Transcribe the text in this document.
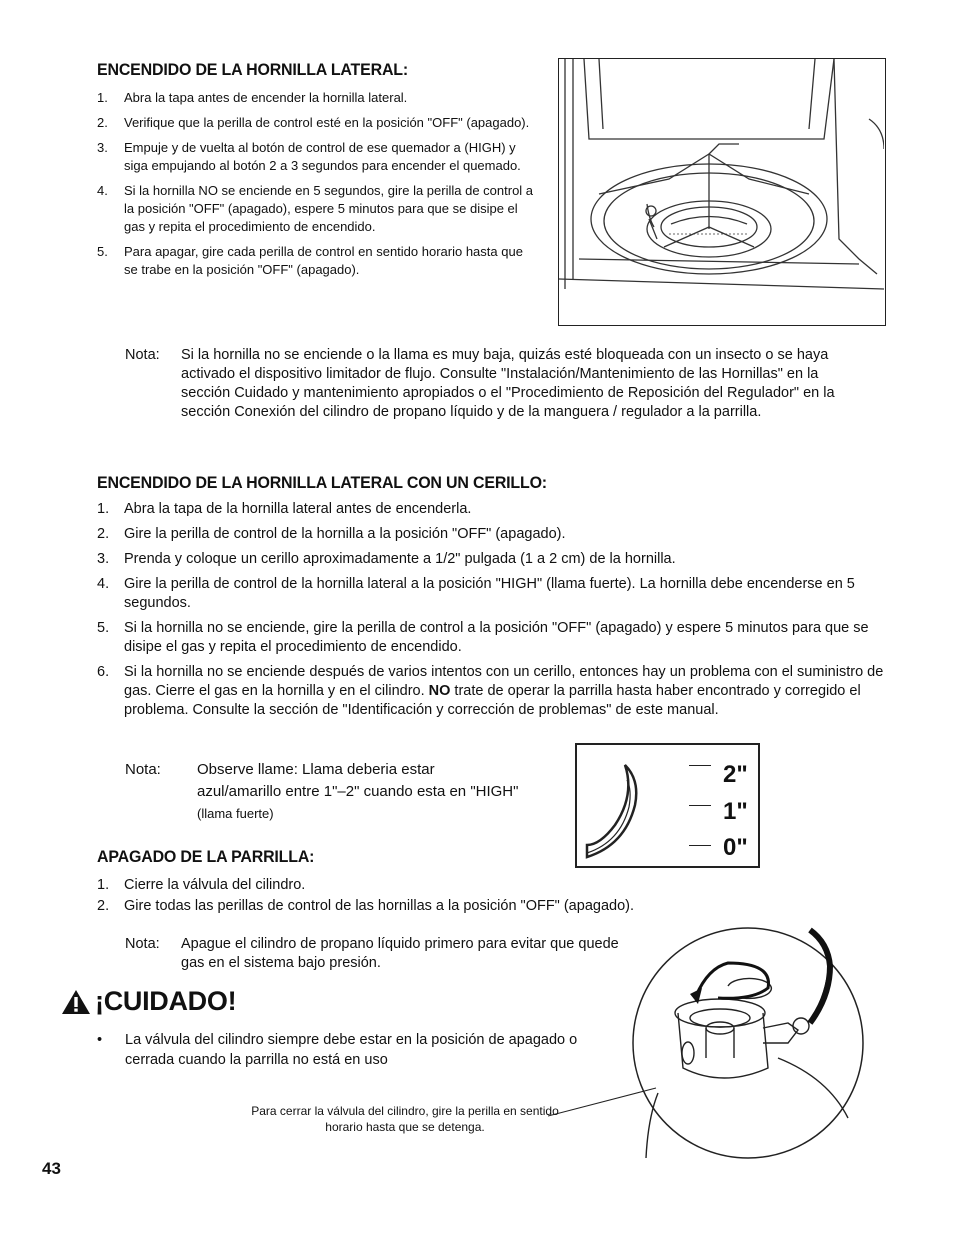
ENCENDIDO DE LA HORNILLA LATERAL:
1. Abra la tapa antes de encender la hornilla lateral.
2. Verifique que la perilla de control esté en la posición "OFF" (apagado).
3. Empuje y de vuelta al botón de control de ese quemador a (HIGH) y siga empujando al botón 2 a 3 segundos para encender el quemado.
4. Si la hornilla NO se enciende en 5 segundos, gire la perilla de control a la posición "OFF" (apagado), espere 5 minutos para que se disipe el gas y repita el procedimiento de encendido.
5. Para apagar, gire cada perilla de control en sentido horario hasta que se trabe en la posición "OFF" (apagado).
Nota: Si la hornilla no se enciende o la llama es muy baja, quizás esté bloqueada con un insecto o se haya activado el dispositivo limitador de flujo. Consulte "Instalación/Mantenimiento de las Hornillas" en la sección Cuidado y mantenimiento apropiados o el "Procedimiento de Reposición del Regulador" en la sección Conexión del cilindro de propano líquido y de la manguera / regulador a la parrilla.
ENCENDIDO DE LA HORNILLA LATERAL CON UN CERILLO:
1. Abra la tapa de la hornilla lateral antes de encenderla.
2. Gire la perilla de control de la hornilla a la posición "OFF" (apagado).
3. Prenda y coloque un cerillo aproximadamente a 1/2" pulgada (1 a 2 cm) de la hornilla.
4. Gire la perilla de control de la hornilla lateral a la posición "HIGH" (llama fuerte). La hornilla debe encenderse en 5 segundos.
5. Si la hornilla no se enciende, gire la perilla de control a la posición "OFF" (apagado) y espere 5 minutos para que se disipe el gas y repita el procedimiento de encendido.
6. Si la hornilla no se enciende después de varios intentos con un cerillo, entonces hay un problema con el suministro de gas. Cierre el gas en la hornilla y en el cilindro. NO trate de operar la parrilla hasta haber encontrado y corregido el problema. Consulte la sección de "Identificación y corrección de problemas" de este manual.
Nota: Observe llame: Llama deberia estar azul/amarillo entre 1"–2" cuando esta en "HIGH" (llama fuerte)
2"
1"
0"
APAGADO DE LA PARRILLA:
1. Cierre la válvula del cilindro.
2. Gire todas las perillas de control de las hornillas a la posición "OFF" (apagado).
Nota: Apague el cilindro de propano líquido primero para evitar que quede gas en el sistema bajo presión.
¡CUIDADO!
• La válvula del cilindro siempre debe estar en la posición de apagado o cerrada cuando la parrilla no está en uso
Para cerrar la válvula del cilindro, gire la perilla en sentido horario hasta que se detenga.
43
